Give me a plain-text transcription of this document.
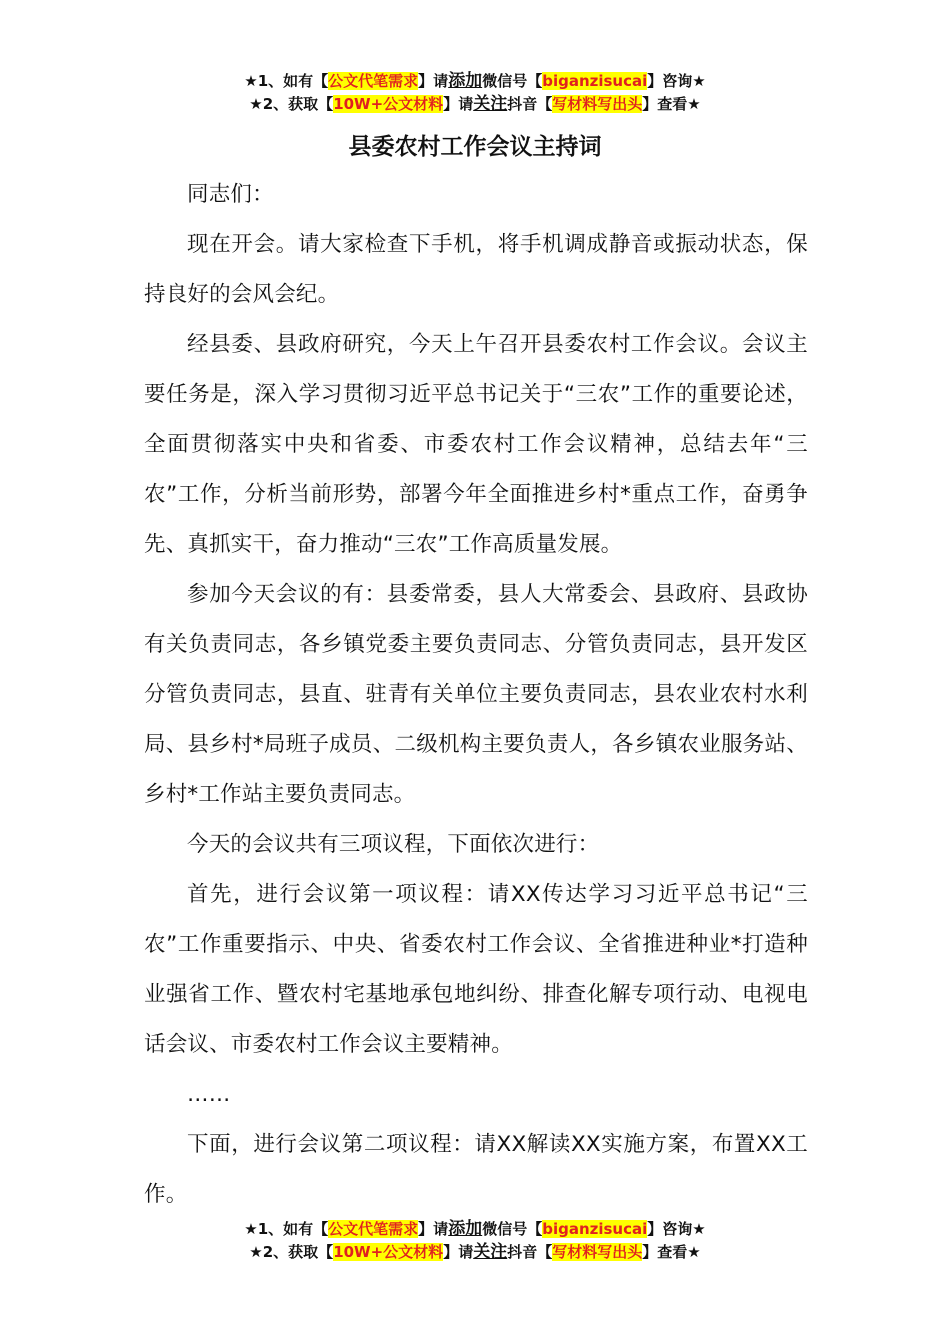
★1、如有【公文代笔需求】请添加微信号【biganzisucai】咨询★
★2、获取【10W+公文材料】请关注抖音【写材料写出头】查看★
县委农村工作会议主持词

同志们：

现在开会。请大家检查下手机，将手机调成静音或振动状态，保持良好的会风会纪。

经县委、县政府研究，今天上午召开县委农村工作会议。会议主要任务是，深入学习贯彻习近平总书记关于“三农”工作的重要论述，全面贯彻落实中央和省委、市委农村工作会议精神，总结去年“三农”工作，分析当前形势，部署今年全面推进乡村*重点工作，奋勇争先、真抓实干，奋力推动“三农”工作高质量发展。

参加今天会议的有：县委常委，县人大常委会、县政府、县政协有关负责同志，各乡镇党委主要负责同志、分管负责同志，县开发区分管负责同志，县直、驻青有关单位主要负责同志，县农业农村水利局、县乡村*局班子成员、二级机构主要负责人，各乡镇农业服务站、乡村*工作站主要负责同志。

今天的会议共有三项议程，下面依次进行：

首先，进行会议第一项议程：请XX传达学习习近平总书记“三农”工作重要指示、中央、省委农村工作会议、全省推进种业*打造种业强省工作、暨农村宅基地承包地纠纷、排查化解专项行动、电视电话会议、市委农村工作会议主要精神。

……

下面，进行会议第二项议程：请XX解读XX实施方案，布置XX工作。

★1、如有【公文代笔需求】请添加微信号【biganzisucai】咨询★
★2、获取【10W+公文材料】请关注抖音【写材料写出头】查看★
